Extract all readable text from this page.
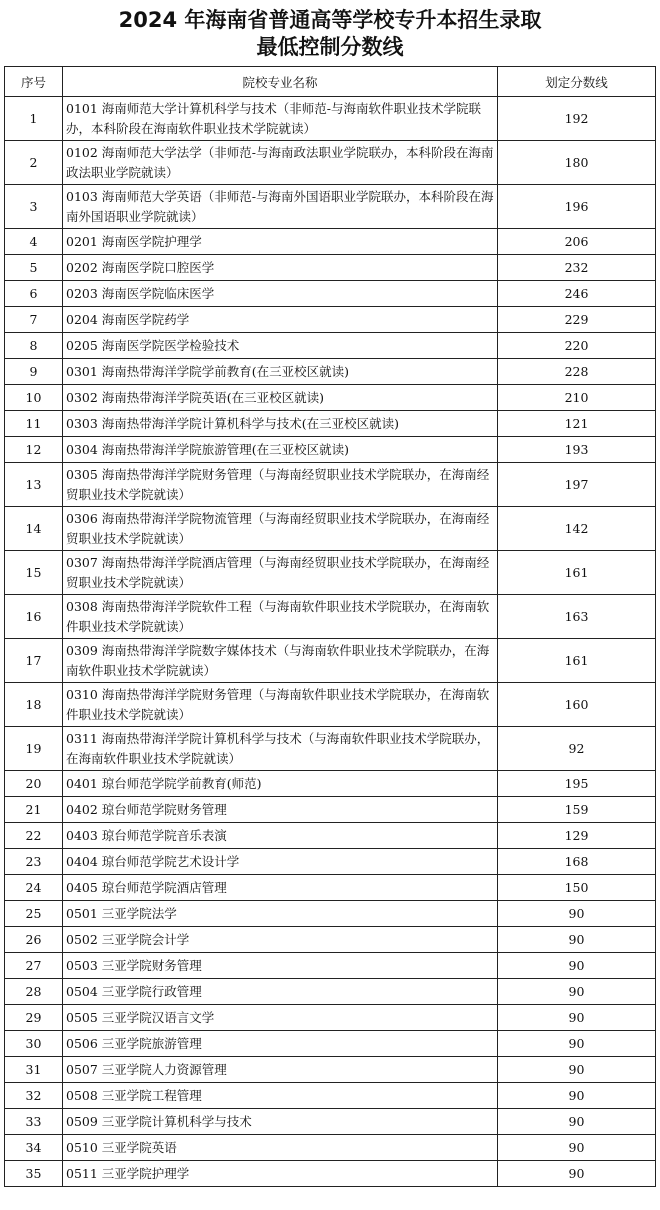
2024 年海南省普通高等学校专升本招生录取
最低控制分数线
序号	院校专业名称	划定分数线
1	0101 海南师范大学计算机科学与技术（非师范-与海南软件职业技术学院联办，本科阶段在海南软件职业技术学院就读）	192
2	0102 海南师范大学法学（非师范-与海南政法职业学院联办，本科阶段在海南政法职业学院就读）	180
3	0103 海南师范大学英语（非师范-与海南外国语职业学院联办，本科阶段在海南外国语职业学院就读）	196
4	0201 海南医学院护理学	206
5	0202 海南医学院口腔医学	232
6	0203 海南医学院临床医学	246
7	0204 海南医学院药学	229
8	0205 海南医学院医学检验技术	220
9	0301 海南热带海洋学院学前教育(在三亚校区就读)	228
10	0302 海南热带海洋学院英语(在三亚校区就读)	210
11	0303 海南热带海洋学院计算机科学与技术(在三亚校区就读)	121
12	0304 海南热带海洋学院旅游管理(在三亚校区就读)	193
13	0305 海南热带海洋学院财务管理（与海南经贸职业技术学院联办，在海南经贸职业技术学院就读）	197
14	0306 海南热带海洋学院物流管理（与海南经贸职业技术学院联办，在海南经贸职业技术学院就读）	142
15	0307 海南热带海洋学院酒店管理（与海南经贸职业技术学院联办，在海南经贸职业技术学院就读）	161
16	0308 海南热带海洋学院软件工程（与海南软件职业技术学院联办，在海南软件职业技术学院就读）	163
17	0309 海南热带海洋学院数字媒体技术（与海南软件职业技术学院联办，在海南软件职业技术学院就读）	161
18	0310 海南热带海洋学院财务管理（与海南软件职业技术学院联办，在海南软件职业技术学院就读）	160
19	0311 海南热带海洋学院计算机科学与技术（与海南软件职业技术学院联办，在海南软件职业技术学院就读）	92
20	0401 琼台师范学院学前教育(师范)	195
21	0402 琼台师范学院财务管理	159
22	0403 琼台师范学院音乐表演	129
23	0404 琼台师范学院艺术设计学	168
24	0405 琼台师范学院酒店管理	150
25	0501 三亚学院法学	90
26	0502 三亚学院会计学	90
27	0503 三亚学院财务管理	90
28	0504 三亚学院行政管理	90
29	0505 三亚学院汉语言文学	90
30	0506 三亚学院旅游管理	90
31	0507 三亚学院人力资源管理	90
32	0508 三亚学院工程管理	90
33	0509 三亚学院计算机科学与技术	90
34	0510 三亚学院英语	90
35	0511 三亚学院护理学	90
